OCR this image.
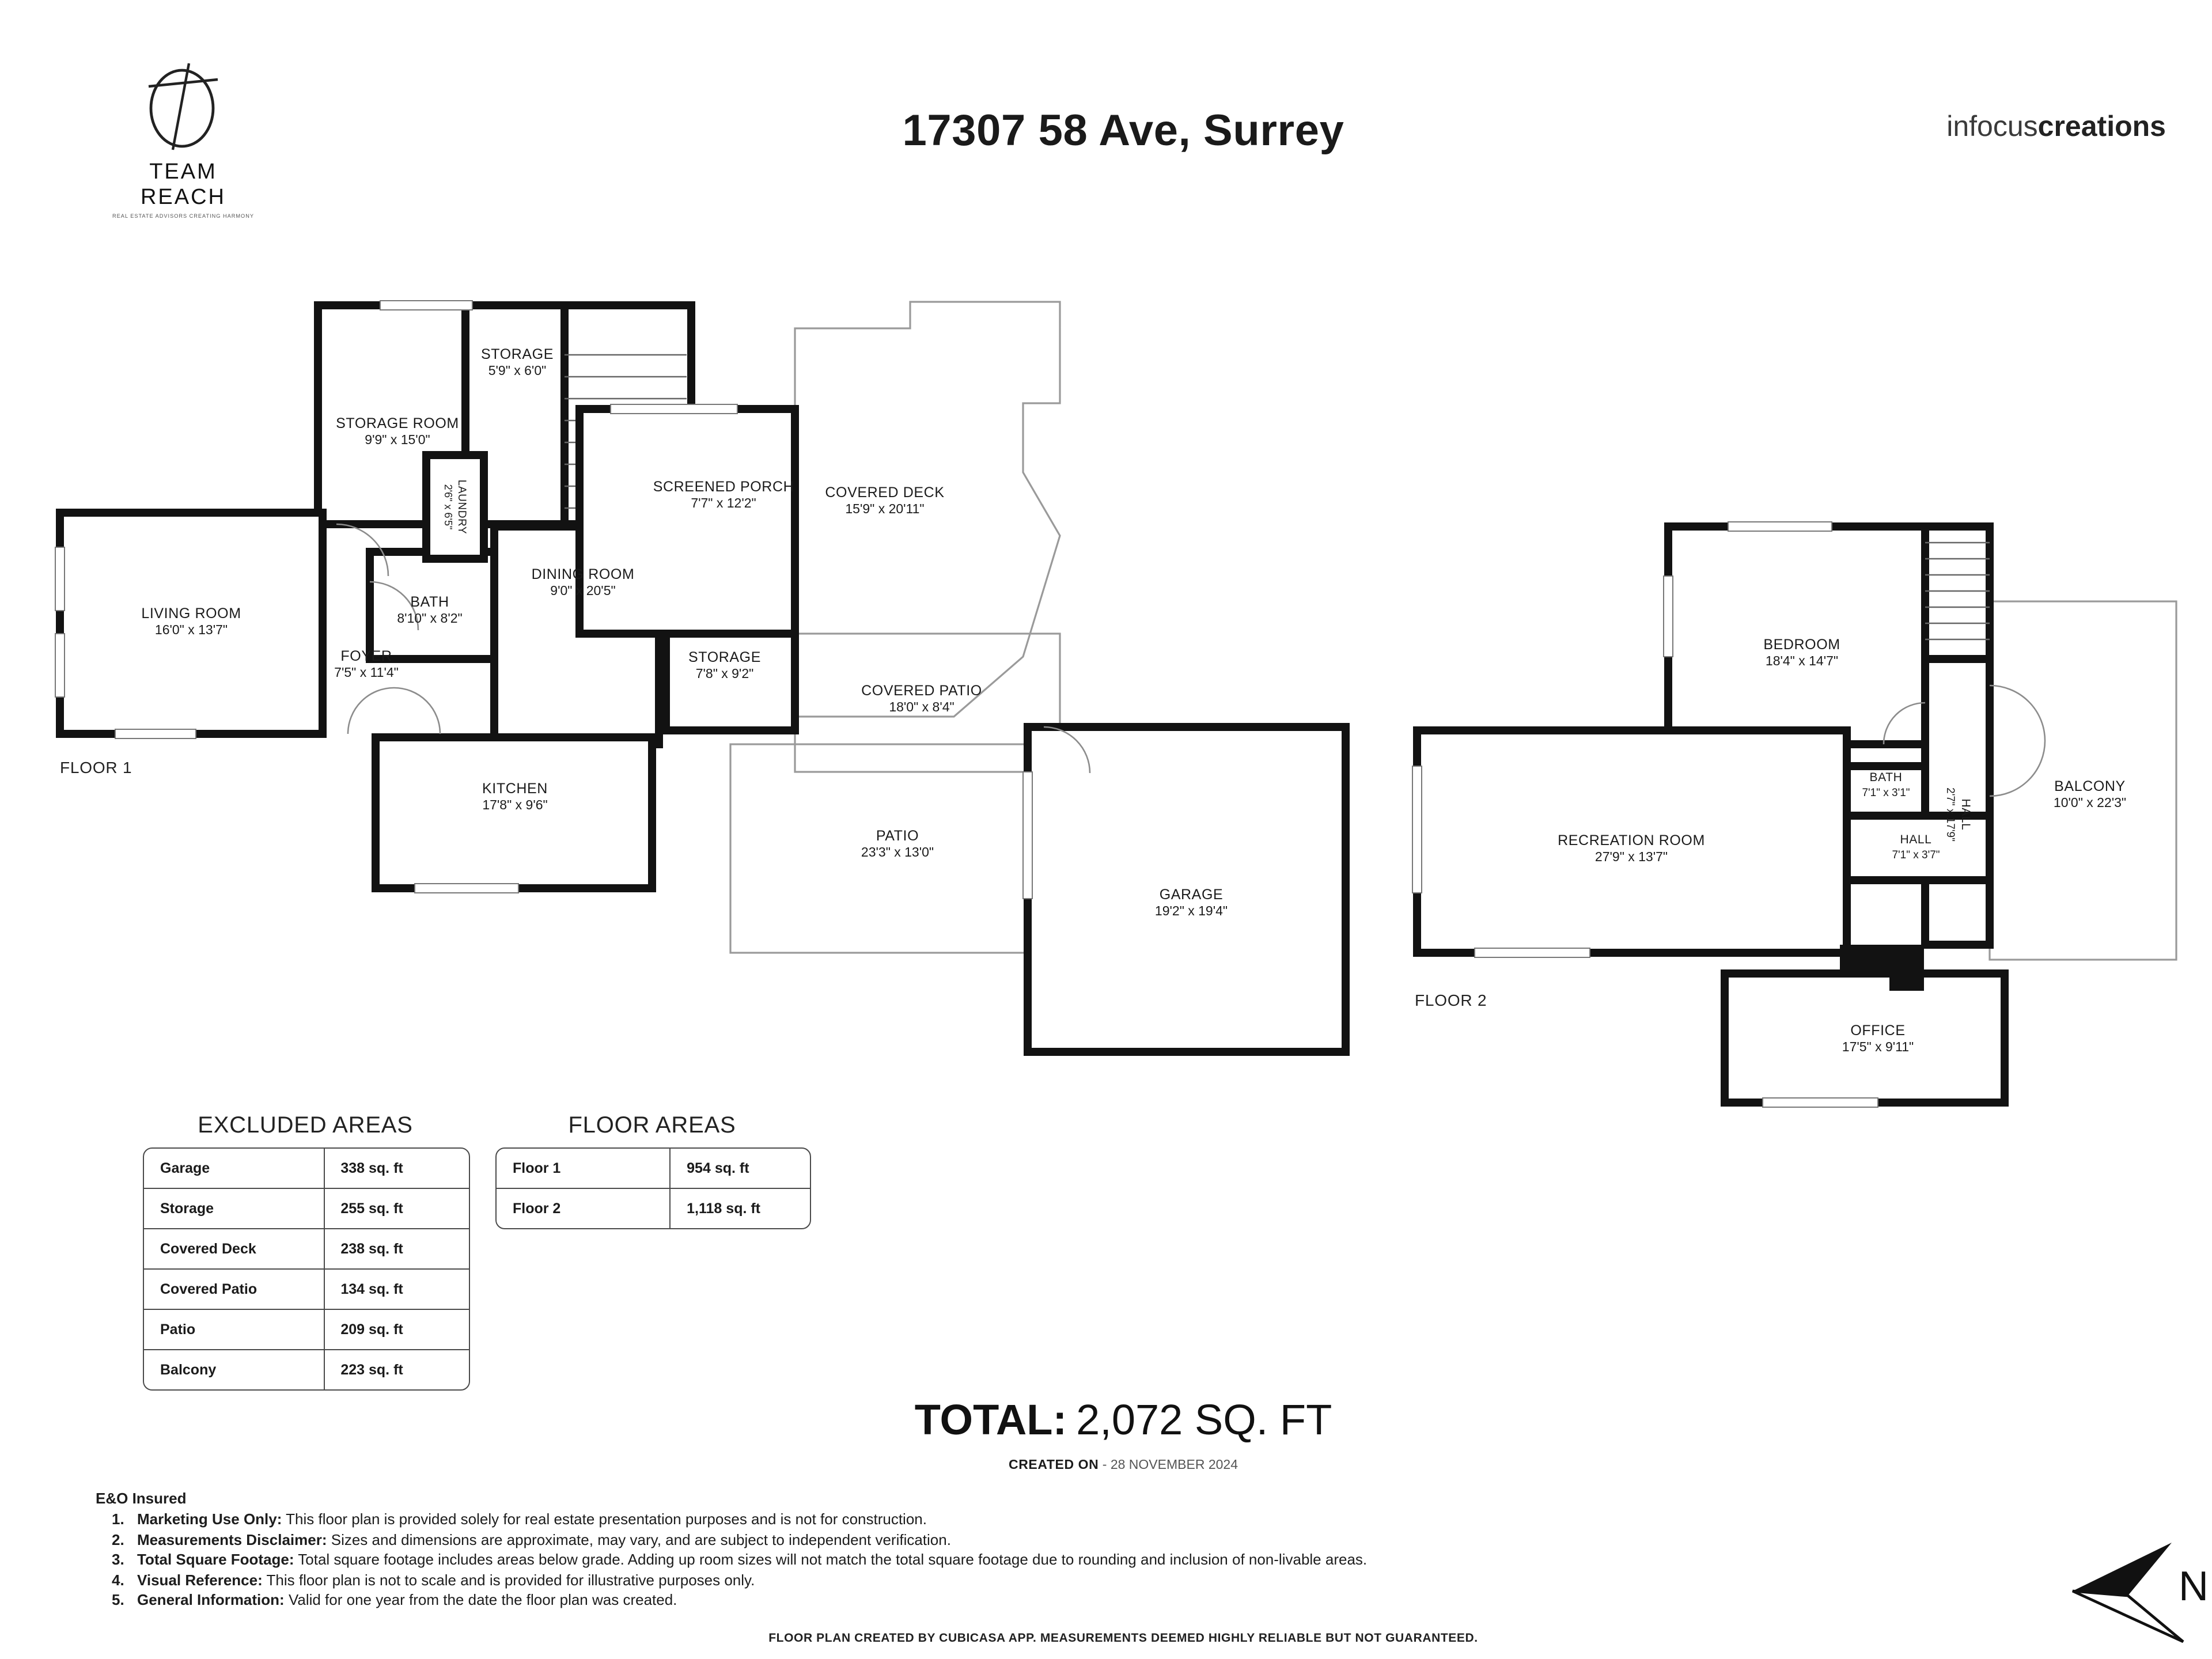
TEAM REACH
REAL ESTATE ADVISORS CREATING HARMONY
17307 58 Ave, Surrey	infocuscreations
STORAGE ROOM
9'9" x 15'0"
STORAGE
5'9" x 6'0"
LAUNDRY
2'6" x 6'5"	SCREENED PORCH
7'7" x 12'2"
COVERED DECK
15'9" x 20'11"
LIVING ROOM
16'0" x 13'7"
BATH
8'10" x 8'2"
FOYER
7'5" x 11'4"
DINING ROOM
9'0" x 20'5"
STORAGE
7'8" x 9'2"
COVERED PATIO
18'0" x 8'4"
KITCHEN
17'8" x 9'6"
PATIO
23'3" x 13'0"
GARAGE
19'2" x 19'4"
FLOOR 1
BEDROOM
18'4" x 14'7"
BATH
7'1" x 3'1"
HALL
2'7" x 17'9"
HALL
7'1" x 3'7"
BALCONY
10'0" x 22'3"
RECREATION ROOM
27'9" x 13'7"
OFFICE
17'5" x 9'11"
FLOOR 2
EXCLUDED AREAS
Garage	338 sq. ft
Storage	255 sq. ft
Covered Deck	238 sq. ft
Covered Patio	134 sq. ft
Patio	209 sq. ft
Balcony	223 sq. ft
FLOOR AREAS
Floor 1	954 sq. ft
Floor 2	1,118 sq. ft
TOTAL: 2,072 SQ. FT
CREATED ON - 28 NOVEMBER 2024
E&O Insured
1. Marketing Use Only: This floor plan is provided solely for real estate presentation purposes and is not for construction.
2. Measurements Disclaimer: Sizes and dimensions are approximate, may vary, and are subject to independent verification.
3. Total Square Footage: Total square footage includes areas below grade. Adding up room sizes will not match the total square footage due to rounding and inclusion of non-livable areas.
4. Visual Reference: This floor plan is not to scale and is provided for illustrative purposes only.
5. General Information: Valid for one year from the date the floor plan was created.
FLOOR PLAN CREATED BY CUBICASA APP. MEASUREMENTS DEEMED HIGHLY RELIABLE BUT NOT GUARANTEED.
N
